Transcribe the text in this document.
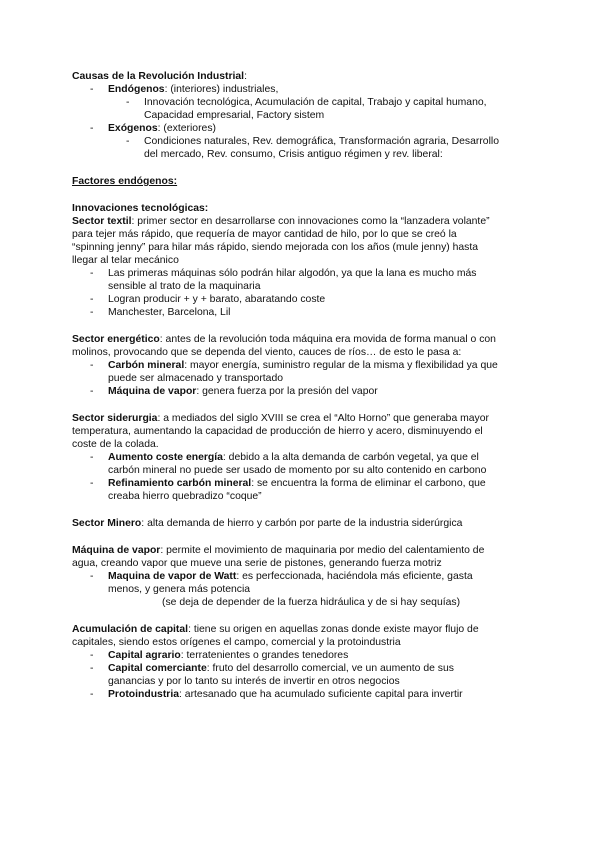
Causas de la Revolución Industrial:
- Endógenos: (interiores) industriales,
- Innovación tecnológica, Acumulación de capital, Trabajo y capital humano,
Capacidad empresarial, Factory sistem
- Exógenos: (exteriores)
- Condiciones naturales, Rev. demográfica, Transformación agraria, Desarrollo
del mercado, Rev. consumo, Crisis antiguo régimen y rev. liberal:
Factores endógenos:
Innovaciones tecnológicas:
Sector textil: primer sector en desarrollarse con innovaciones como la “lanzadera volante”
para tejer más rápido, que requería de mayor cantidad de hilo, por lo que se creó la
“spinning jenny” para hilar más rápido, siendo mejorada con los años (mule jenny) hasta
llegar al telar mecánico
- Las primeras máquinas sólo podrán hilar algodón, ya que la lana es mucho más
sensible al trato de la maquinaria
- Logran producir + y + barato, abaratando coste
- Manchester, Barcelona, Lil
Sector energético: antes de la revolución toda máquina era movida de forma manual o con
molinos, provocando que se dependa del viento, cauces de ríos… de esto le pasa a:
- Carbón mineral: mayor energía, suministro regular de la misma y flexibilidad ya que
puede ser almacenado y transportado
- Máquina de vapor: genera fuerza por la presión del vapor
Sector siderurgia: a mediados del siglo XVIII se crea el “Alto Horno” que generaba mayor
temperatura, aumentando la capacidad de producción de hierro y acero, disminuyendo el
coste de la colada.
- Aumento coste energía: debido a la alta demanda de carbón vegetal, ya que el
carbón mineral no puede ser usado de momento por su alto contenido en carbono
- Refinamiento carbón mineral: se encuentra la forma de eliminar el carbono, que
creaba hierro quebradizo “coque”
Sector Minero: alta demanda de hierro y carbón por parte de la industria siderúrgica
Máquina de vapor: permite el movimiento de maquinaria por medio del calentamiento de
agua, creando vapor que mueve una serie de pistones, generando fuerza motriz
- Maquina de vapor de Watt: es perfeccionada, haciéndola más eficiente, gasta
menos, y genera más potencia
(se deja de depender de la fuerza hidráulica y de si hay sequías)
Acumulación de capital: tiene su origen en aquellas zonas donde existe mayor flujo de
capitales, siendo estos orígenes el campo, comercial y la protoindustria
- Capital agrario: terratenientes o grandes tenedores
- Capital comerciante: fruto del desarrollo comercial, ve un aumento de sus
ganancias y por lo tanto su interés de invertir en otros negocios
- Protoindustria: artesanado que ha acumulado suficiente capital para invertir
